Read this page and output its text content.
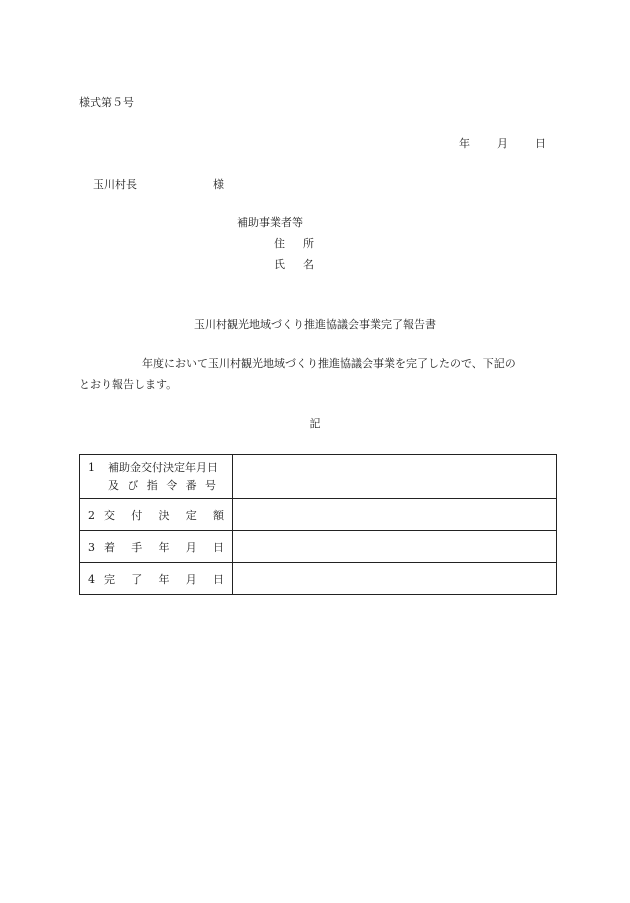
様式第５号
年 月 日
玉川村長	様
補助事業者等
住 所
氏 名
玉川村観光地域づくり推進協議会事業完了報告書
年度において玉川村観光地域づくり推進協議会事業を完了したので、下記の
とおり報告します。
記
1 補助金交付決定年月日
及び指令番号	

2 交付決定額	
3 着手年月日	
4 完了年月日	
